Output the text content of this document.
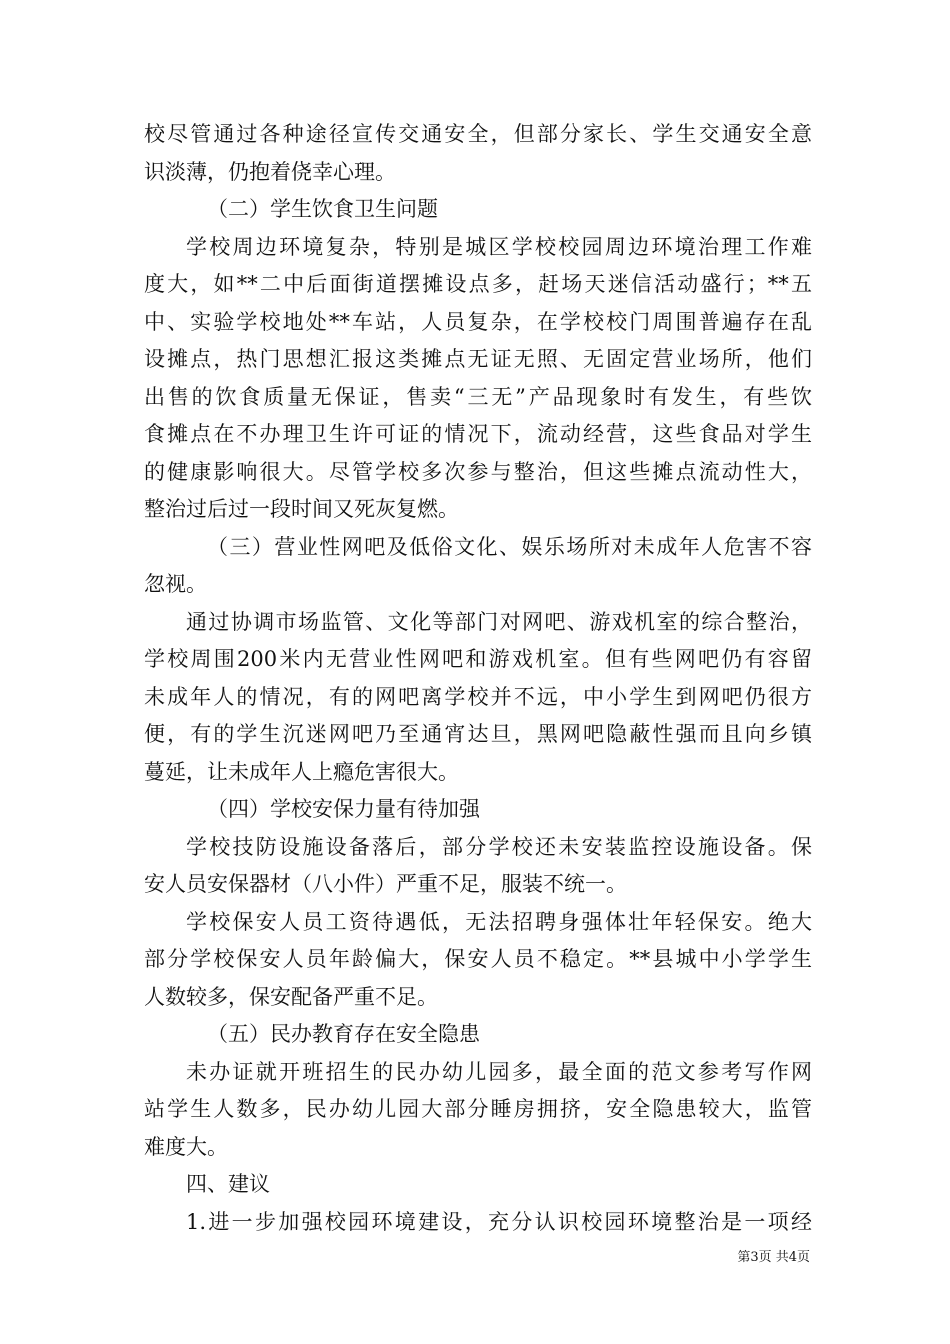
校尽管通过各种途径宣传交通安全，但部分家长、学生交通安全意
识淡薄，仍抱着侥幸心理。
（二）学生饮食卫生问题
学校周边环境复杂，特别是城区学校校园周边环境治理工作难
度大，如**二中后面街道摆摊设点多，赶场天迷信活动盛行；**五
中、实验学校地处**车站，人员复杂，在学校校门周围普遍存在乱
设摊点，热门思想汇报这类摊点无证无照、无固定营业场所，他们
出售的饮食质量无保证，售卖“三无”产品现象时有发生，有些饮
食摊点在不办理卫生许可证的情况下，流动经营，这些食品对学生
的健康影响很大。尽管学校多次参与整治，但这些摊点流动性大，
整治过后过一段时间又死灰复燃。
（三）营业性网吧及低俗文化、娱乐场所对未成年人危害不容
忽视。
通过协调市场监管、文化等部门对网吧、游戏机室的综合整治，
学校周围200米内无营业性网吧和游戏机室。但有些网吧仍有容留
未成年人的情况，有的网吧离学校并不远，中小学生到网吧仍很方
便，有的学生沉迷网吧乃至通宵达旦，黑网吧隐蔽性强而且向乡镇
蔓延，让未成年人上瘾危害很大。
（四）学校安保力量有待加强
学校技防设施设备落后，部分学校还未安装监控设施设备。保
安人员安保器材（八小件）严重不足，服装不统一。
学校保安人员工资待遇低，无法招聘身强体壮年轻保安。绝大
部分学校保安人员年龄偏大，保安人员不稳定。**县城中小学学生
人数较多，保安配备严重不足。
（五）民办教育存在安全隐患
未办证就开班招生的民办幼儿园多，最全面的范文参考写作网
站学生人数多，民办幼儿园大部分睡房拥挤，安全隐患较大，监管
难度大。
四、建议
1.进一步加强校园环境建设，充分认识校园环境整治是一项经
第3页 共4页
